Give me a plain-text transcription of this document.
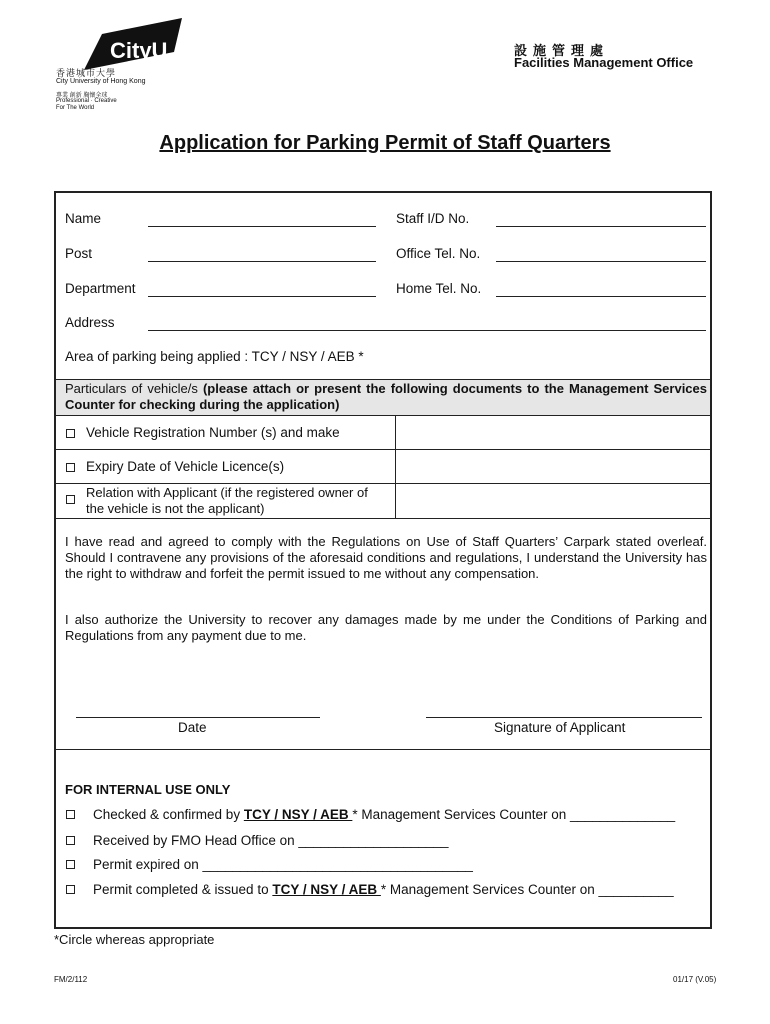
CityU
香港城市大學
City University of Hong Kong
專業 創新 胸懷全球
Professional · Creative
For The World
設施管理處
Facilities Management Office
Application for Parking Permit of Staff Quarters
Name	Staff I/D No.
Post	Office Tel. No.
Department	Home Tel. No.
Address
Area of parking being applied : TCY / NSY / AEB *
Particulars of vehicle/s (please attach or present the following documents to the Management Services Counter for checking during the application)
Vehicle Registration Number (s) and make
Expiry Date of Vehicle Licence(s)
Relation with Applicant (if the registered owner of the vehicle is not the applicant)
I have read and agreed to comply with the Regulations on Use of Staff Quarters’ Carpark stated overleaf. Should I contravene any provisions of the aforesaid conditions and regulations, I understand the University has the right to withdraw and forfeit the permit issued to me without any compensation.
I also authorize the University to recover any damages made by me under the Conditions of Parking and Regulations from any payment due to me.
Date	Signature of Applicant
FOR INTERNAL USE ONLY
Checked & confirmed by TCY / NSY / AEB * Management Services Counter on ______________
Received by FMO Head Office on ____________________
Permit expired on ____________________________________
Permit completed & issued to TCY / NSY / AEB * Management Services Counter on __________
*Circle whereas appropriate
FM/2/112	01/17 (V.05)
